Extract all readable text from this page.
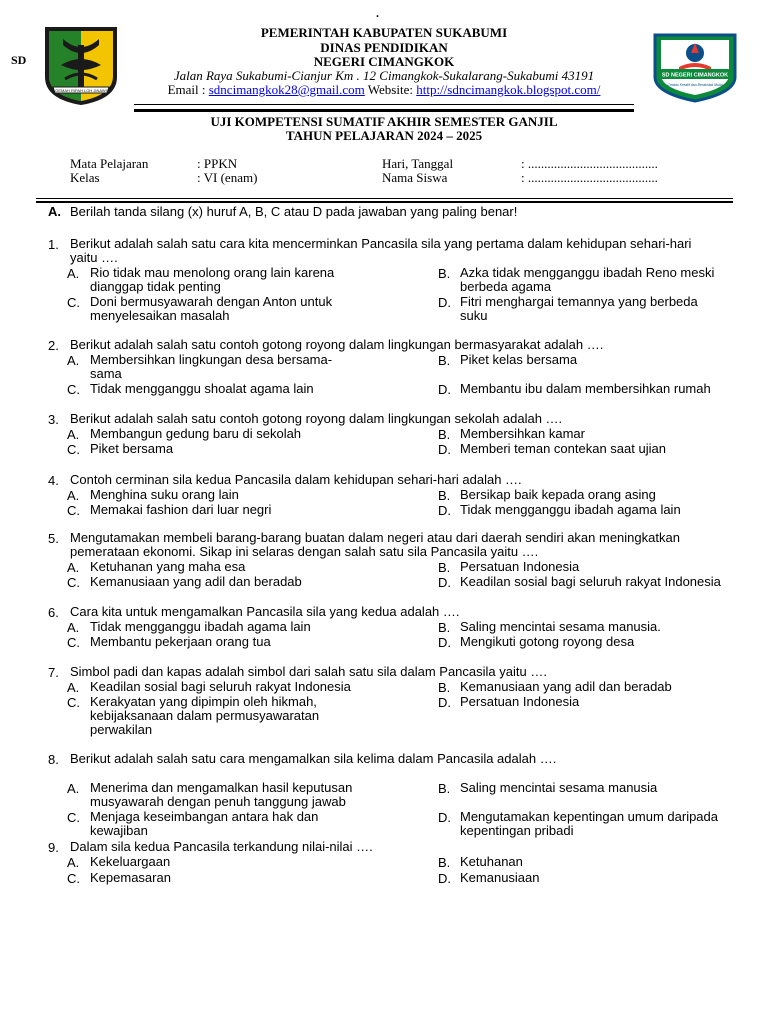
.
SD
GEMAH RIPAH LOH JINAWI
SD NEGERI CIMANGKOK
Cerdas Kreatif dan Berakhlak Mulia
PEMERINTAH KABUPATEN SUKABUMI
DINAS PENDIDIKAN
NEGERI CIMANGKOK
Jalan Raya Sukabumi-Cianjur Km . 12 Cimangkok-Sukalarang-Sukabumi 43191
Email : sdncimangkok28@gmail.com Website: http://sdncimangkok.blogspot.com/
UJI KOMPETENSI SUMATIF AKHIR SEMESTER GANJIL
TAHUN PELAJARAN 2024 – 2025
Mata Pelajaran	: PPKN	Hari, Tanggal	: ........................................
Kelas	: VI (enam)	Nama Siswa	: ........................................
A. Berilah tanda silang (x) huruf A, B, C atau D pada jawaban yang paling benar!
1. Berikut adalah salah satu cara kita mencerminkan Pancasila sila yang pertama dalam kehidupan sehari-hari
yaitu ….
A. Rio tidak mau menolong orang lain karena
dianggap tidak penting
B. Azka tidak mengganggu ibadah Reno meski
berbeda agama
C. Doni bermusyawarah dengan Anton untuk
menyelesaikan masalah
D. Fitri menghargai temannya yang berbeda
suku
2. Berikut adalah salah satu contoh gotong royong dalam lingkungan bermasyarakat adalah ….
A. Membersihkan lingkungan desa bersama-
sama
B. Piket kelas bersama
C. Tidak mengganggu shoalat agama lain	D. Membantu ibu dalam membersihkan rumah
3. Berikut adalah salah satu contoh gotong royong dalam lingkungan sekolah adalah ….
A. Membangun gedung baru di sekolah	B. Membersihkan kamar
C. Piket bersama	D. Memberi teman contekan saat ujian
4. Contoh cerminan sila kedua Pancasila dalam kehidupan sehari-hari adalah ….
A. Menghina suku orang lain	B. Bersikap baik kepada orang asing
C. Memakai fashion dari luar negri	D. Tidak mengganggu ibadah agama lain
5. Mengutamakan membeli barang-barang buatan dalam negeri atau dari daerah sendiri akan meningkatkan
pemerataan ekonomi. Sikap ini selaras dengan salah satu sila Pancasila yaitu ….
A. Ketuhanan yang maha esa	B. Persatuan Indonesia
C. Kemanusiaan yang adil dan beradab	D. Keadilan sosial bagi seluruh rakyat Indonesia
6. Cara kita untuk mengamalkan Pancasila sila yang kedua adalah ….
A. Tidak mengganggu ibadah agama lain	B. Saling mencintai sesama manusia.
C. Membantu pekerjaan orang tua	D. Mengikuti gotong royong desa
7. Simbol padi dan kapas adalah simbol dari salah satu sila dalam Pancasila yaitu ….
A. Keadilan sosial bagi seluruh rakyat Indonesia	B. Kemanusiaan yang adil dan beradab
C. Kerakyatan yang dipimpin oleh hikmah,
kebijaksanaan dalam permusyawaratan
perwakilan
D. Persatuan Indonesia
8. Berikut adalah salah satu cara mengamalkan sila kelima dalam Pancasila adalah ….
A. Menerima dan mengamalkan hasil keputusan
musyawarah dengan penuh tanggung jawab
B. Saling mencintai sesama manusia
C. Menjaga keseimbangan antara hak dan
kewajiban
D. Mengutamakan kepentingan umum daripada
kepentingan pribadi
9. Dalam sila kedua Pancasila terkandung nilai-nilai ….
A. Kekeluargaan	B. Ketuhanan
C. Kepemasaran	D. Kemanusiaan
